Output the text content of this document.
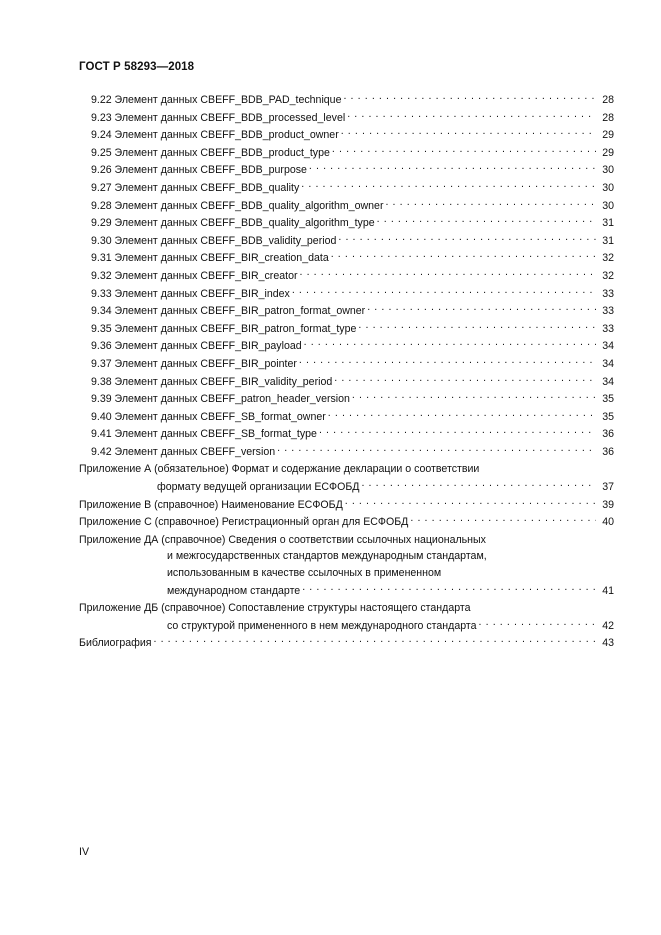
ГОСТ Р 58293—2018
9.22 Элемент данных CBEFF_BDB_PAD_technique . . .	28
9.23 Элемент данных CBEFF_BDB_processed_level . . .	28
9.24 Элемент данных CBEFF_BDB_product_owner . . .	29
9.25 Элемент данных CBEFF_BDB_product_type . . .	29
9.26 Элемент данных CBEFF_BDB_purpose . . .	30
9.27 Элемент данных CBEFF_BDB_quality . . .	30
9.28 Элемент данных CBEFF_BDB_quality_algorithm_owner . . .	30
9.29 Элемент данных CBEFF_BDB_quality_algorithm_type . . .	31
9.30 Элемент данных CBEFF_BDB_validity_period . . .	31
9.31 Элемент данных CBEFF_BIR_creation_data . . .	32
9.32 Элемент данных CBEFF_BIR_creator . . .	32
9.33 Элемент данных CBEFF_BIR_index . . .	33
9.34 Элемент данных CBEFF_BIR_patron_format_owner . . .	33
9.35 Элемент данных CBEFF_BIR_patron_format_type . . .	33
9.36 Элемент данных CBEFF_BIR_payload . . .	34
9.37 Элемент данных CBEFF_BIR_pointer . . .	34
9.38 Элемент данных CBEFF_BIR_validity_period . . .	34
9.39 Элемент данных CBEFF_patron_header_version . . .	35
9.40 Элемент данных CBEFF_SB_format_owner . . .	35
9.41 Элемент данных CBEFF_SB_format_type . . .	36
9.42 Элемент данных CBEFF_version . . .	36
Приложение А (обязательное) Формат и содержание декларации о соответствии
формату ведущей организации ЕСФОБД . . .	37
Приложение В (справочное) Наименование ЕСФОБД . . .	39
Приложение С (справочное) Регистрационный орган для ЕСФОБД . . .	40
Приложение ДА (справочное) Сведения о соответствии ссылочных национальных
и межгосударственных стандартов международным стандартам,
использованным в качестве ссылочных в примененном
международном стандарте . . .	41
Приложение ДБ (справочное) Сопоставление структуры настоящего стандарта
со структурой примененного в нем международного стандарта . . .	42
Библиография . . .	43
IV
